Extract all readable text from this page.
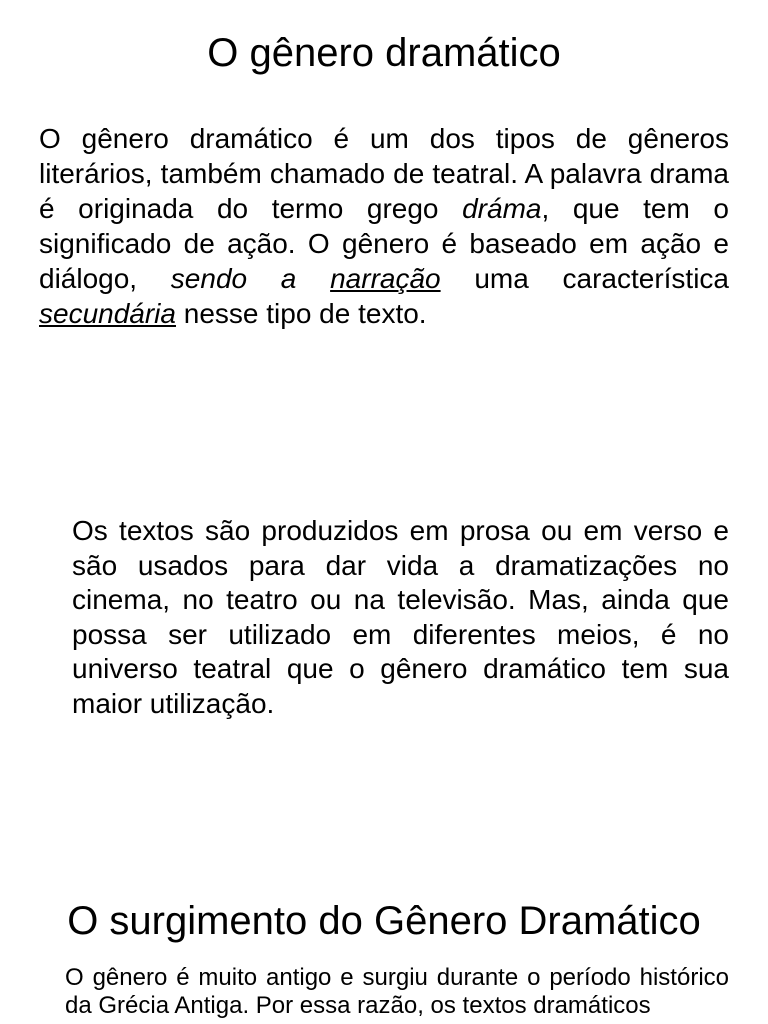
O gênero dramático

O gênero dramático é um dos tipos de gêneros literários, também chamado de teatral. A palavra drama é originada do termo grego dráma, que tem o significado de ação. O gênero é baseado em ação e diálogo, sendo a narração uma característica secundária nesse tipo de texto.

Os textos são produzidos em prosa ou em verso e são usados para dar vida a dramatizações no cinema, no teatro ou na televisão. Mas, ainda que possa ser utilizado em diferentes meios, é no universo teatral que o gênero dramático tem sua maior utilização.

O surgimento do Gênero Dramático

O gênero é muito antigo e surgiu durante o período histórico da Grécia Antiga. Por essa razão, os textos dramáticos
